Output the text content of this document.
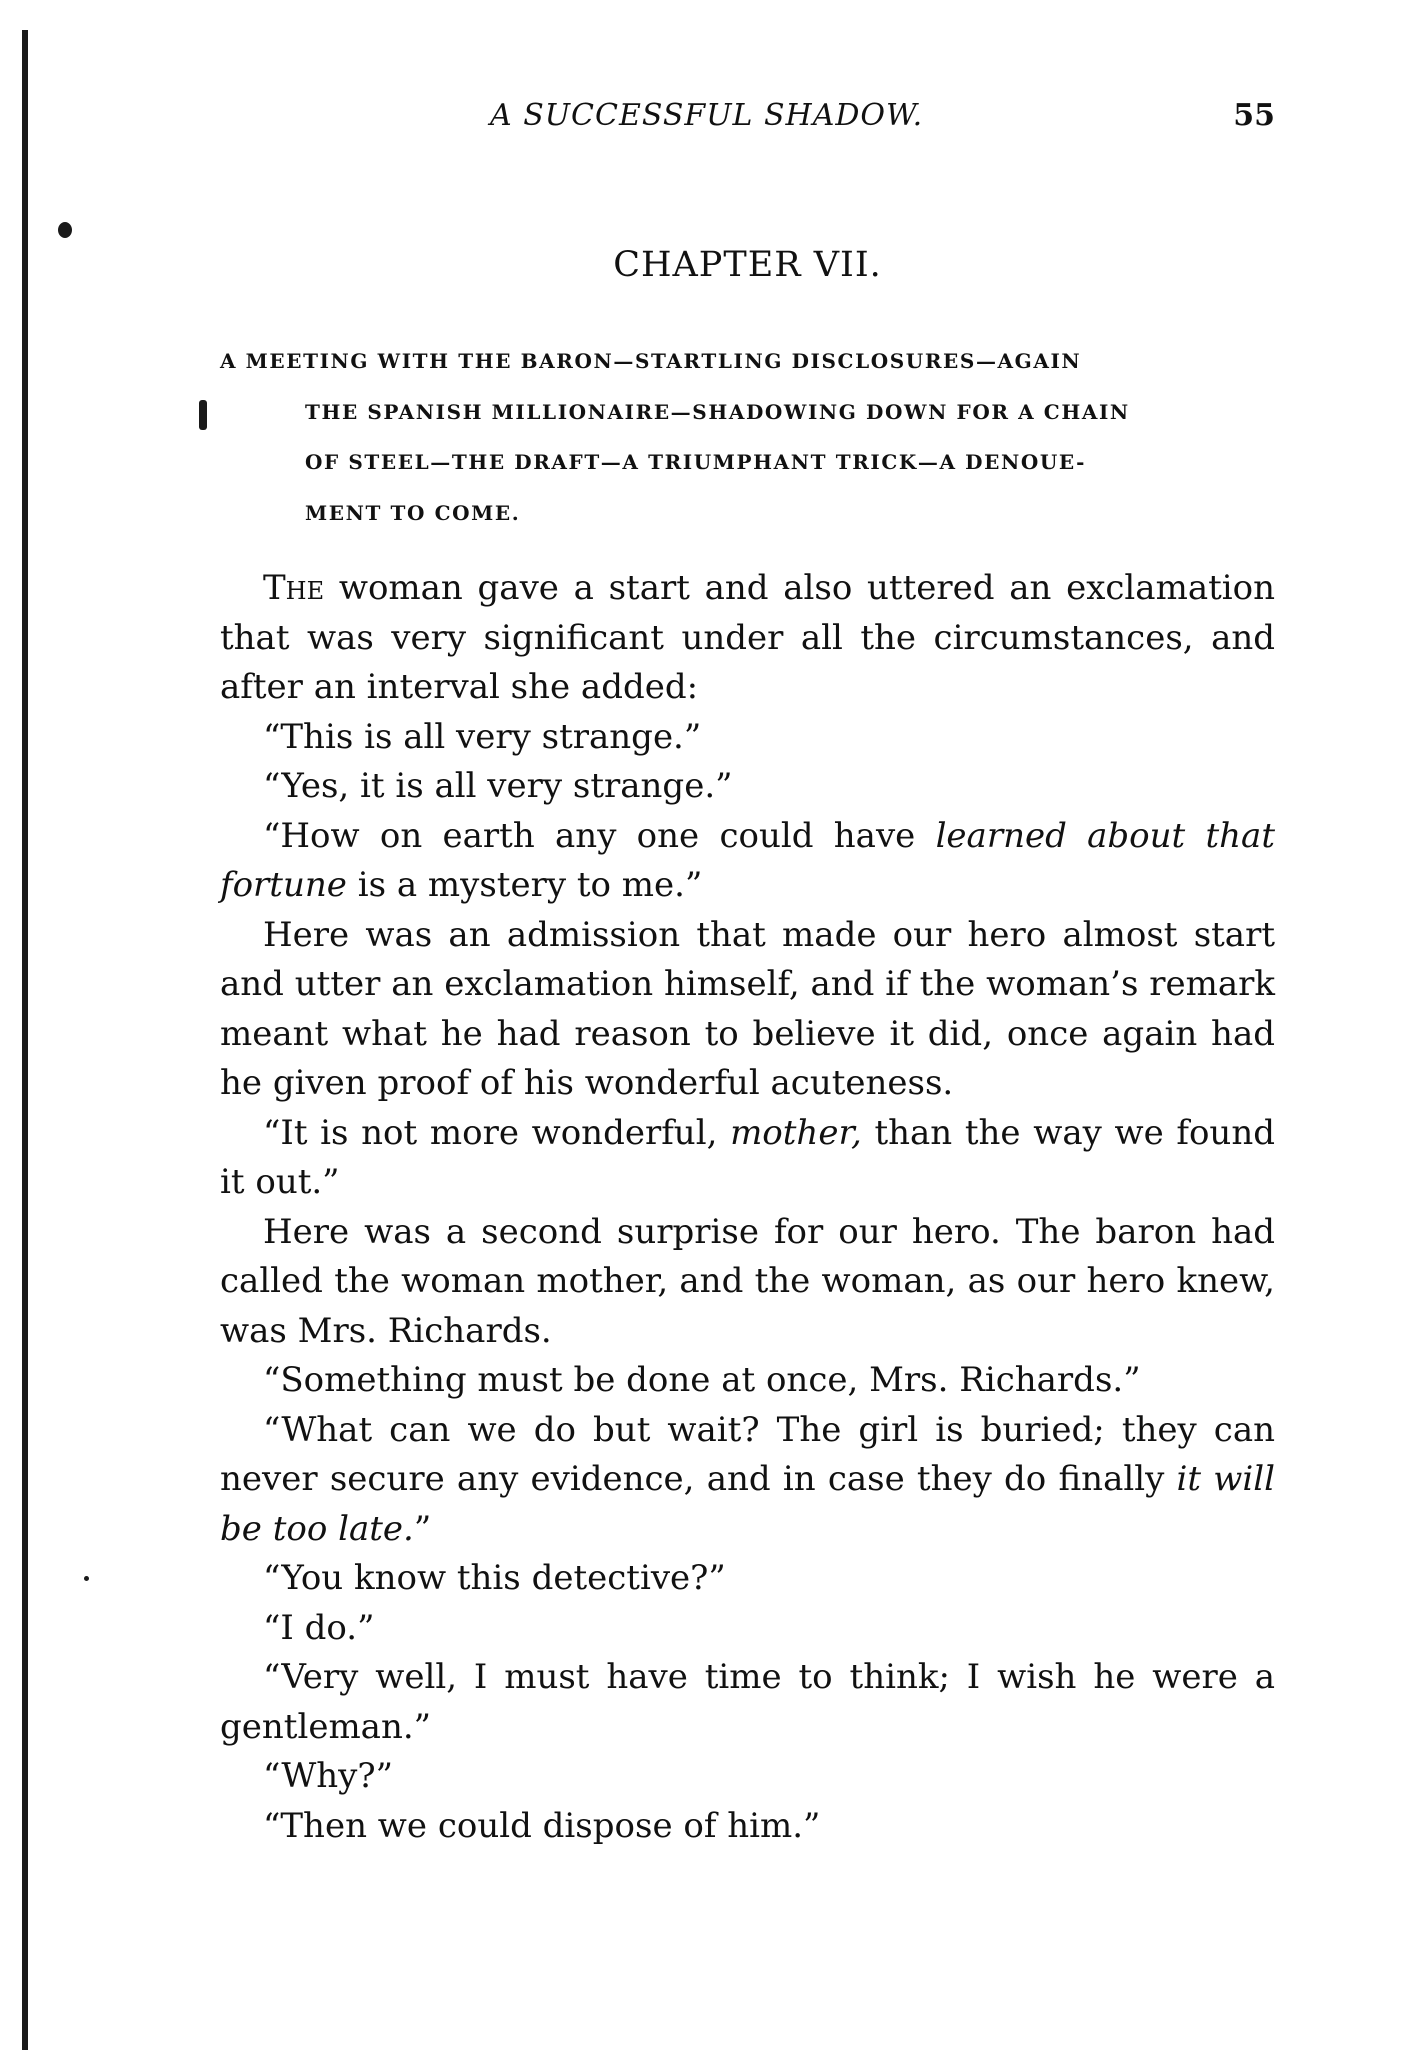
A SUCCESSFUL SHADOW.	55
CHAPTER VII.
A MEETING WITH THE BARON—STARTLING DISCLOSURES—AGAIN
THE SPANISH MILLIONAIRE—SHADOWING DOWN FOR A CHAIN
OF STEEL—THE DRAFT—A TRIUMPHANT TRICK—A DENOUE-
MENT TO COME.

The woman gave a start and also uttered an exclamation that was very significant under all the circumstances, and after an interval she added:

“This is all very strange.”

“Yes, it is all very strange.”

“How on earth any one could have learned about that fortune is a mystery to me.”

Here was an admission that made our hero almost start and utter an exclamation himself, and if the woman’s remark meant what he had reason to believe it did, once again had he given proof of his wonderful acuteness.

“It is not more wonderful, mother, than the way we found it out.”

Here was a second surprise for our hero. The baron had called the woman mother, and the woman, as our hero knew, was Mrs. Richards.

“Something must be done at once, Mrs. Richards.”

“What can we do but wait? The girl is buried; they can never secure any evidence, and in case they do finally it will be too late.”

“You know this detective?”

“I do.”

“Very well, I must have time to think; I wish he were a gentleman.”

“Why?”

“Then we could dispose of him.”
